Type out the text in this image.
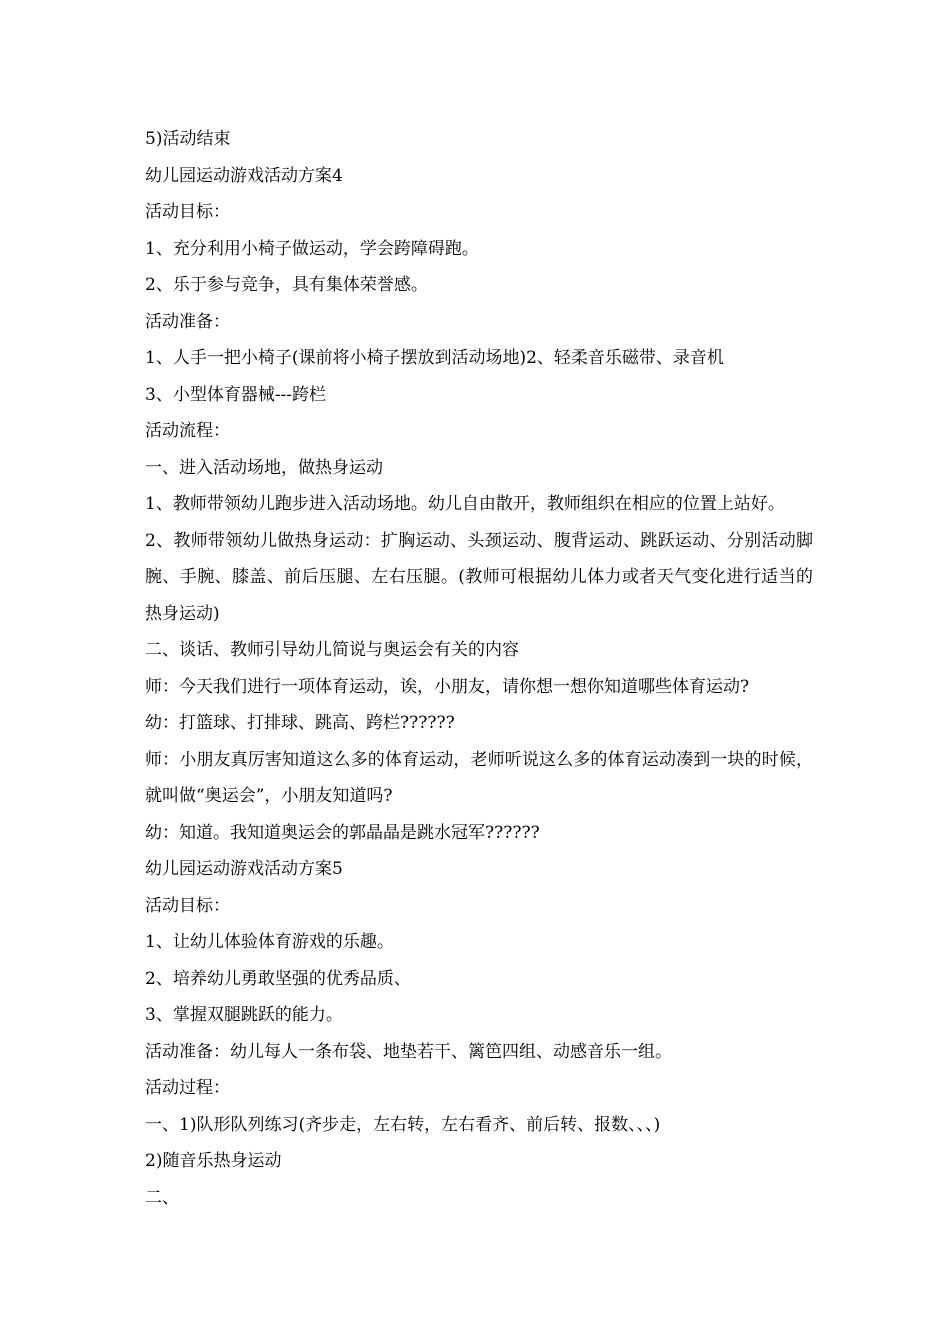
5)活动结束

幼儿园运动游戏活动方案4

活动目标：

1、充分利用小椅子做运动，学会跨障碍跑。

2、乐于参与竞争，具有集体荣誉感。

活动准备：

1、人手一把小椅子(课前将小椅子摆放到活动场地)2、轻柔音乐磁带、录音机

3、小型体育器械---跨栏

活动流程：

一、进入活动场地，做热身运动

1、教师带领幼儿跑步进入活动场地。幼儿自由散开，教师组织在相应的位置上站好。

2、教师带领幼儿做热身运动：扩胸运动、头颈运动、腹背运动、跳跃运动、分别活动脚腕、手腕、膝盖、前后压腿、左右压腿。(教师可根据幼儿体力或者天气变化进行适当的热身运动)

二、谈话、教师引导幼儿简说与奥运会有关的内容

师：今天我们进行一项体育运动，诶，小朋友，请你想一想你知道哪些体育运动?

幼：打篮球、打排球、跳高、跨栏??????

师：小朋友真厉害知道这么多的体育运动，老师听说这么多的体育运动凑到一块的时候，就叫做“奥运会”，小朋友知道吗?

幼：知道。我知道奥运会的郭晶晶是跳水冠军??????

幼儿园运动游戏活动方案5

活动目标：

1、让幼儿体验体育游戏的乐趣。

2、培养幼儿勇敢坚强的优秀品质、

3、掌握双腿跳跃的能力。

活动准备：幼儿每人一条布袋、地垫若干、篱笆四组、动感音乐一组。

活动过程：

一、1)队形队列练习(齐步走，左右转，左右看齐、前后转、报数、、、)

2)随音乐热身运动

二、
